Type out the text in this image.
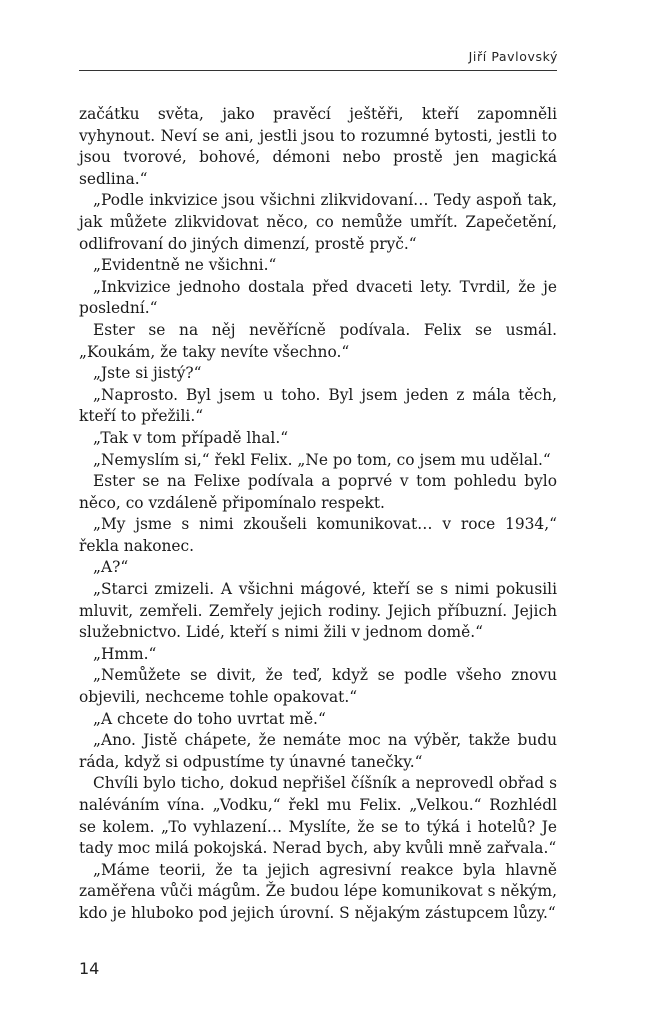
Jiří Pavlovský

začátku světa, jako pravěcí ještěři, kteří zapomněli vyhynout. Neví se ani, jestli jsou to rozumné bytosti, jestli to jsou tvorové, bohové, démoni nebo prostě jen magická sedlina.“

„Podle inkvizice jsou všichni zlikvidovaní… Tedy aspoň tak, jak můžete zlikvidovat něco, co nemůže umřít. Zapečetění, odlifrovaní do jiných dimenzí, prostě pryč.“

„Evidentně ne všichni.“

„Inkvizice jednoho dostala před dvaceti lety. Tvrdil, že je poslední.“

Ester se na něj nevěřícně podívala. Felix se usmál. „Koukám, že taky nevíte všechno.“

„Jste si jistý?“

„Naprosto. Byl jsem u toho. Byl jsem jeden z mála těch, kteří to přežili.“

„Tak v tom případě lhal.“

„Nemyslím si,“ řekl Felix. „Ne po tom, co jsem mu udělal.“

Ester se na Felixe podívala a poprvé v tom pohledu bylo něco, co vzdáleně připomínalo respekt.

„My jsme s nimi zkoušeli komunikovat… v roce 1934,“ řekla nakonec.

„A?“

„Starci zmizeli. A všichni mágové, kteří se s nimi pokusili mluvit, zemřeli. Zemřely jejich rodiny. Jejich příbuzní. Jejich služebnictvo. Lidé, kteří s nimi žili v jednom domě.“

„Hmm.“

„Nemůžete se divit, že teď, když se podle všeho znovu objevili, nechceme tohle opakovat.“

„A chcete do toho uvrtat mě.“

„Ano. Jistě chápete, že nemáte moc na výběr, takže budu ráda, když si odpustíme ty únavné tanečky.“

Chvíli bylo ticho, dokud nepřišel číšník a neprovedl obřad s naléváním vína. „Vodku,“ řekl mu Felix. „Velkou.“ Rozhlédl se kolem. „To vyhlazení… Myslíte, že se to týká i hotelů? Je tady moc milá pokojská. Nerad bych, aby kvůli mně zařvala.“

„Máme teorii, že ta jejich agresivní reakce byla hlavně zaměřena vůči mágům. Že budou lépe komunikovat s někým, kdo je hluboko pod jejich úrovní. S nějakým zástupcem lůzy.“

14
